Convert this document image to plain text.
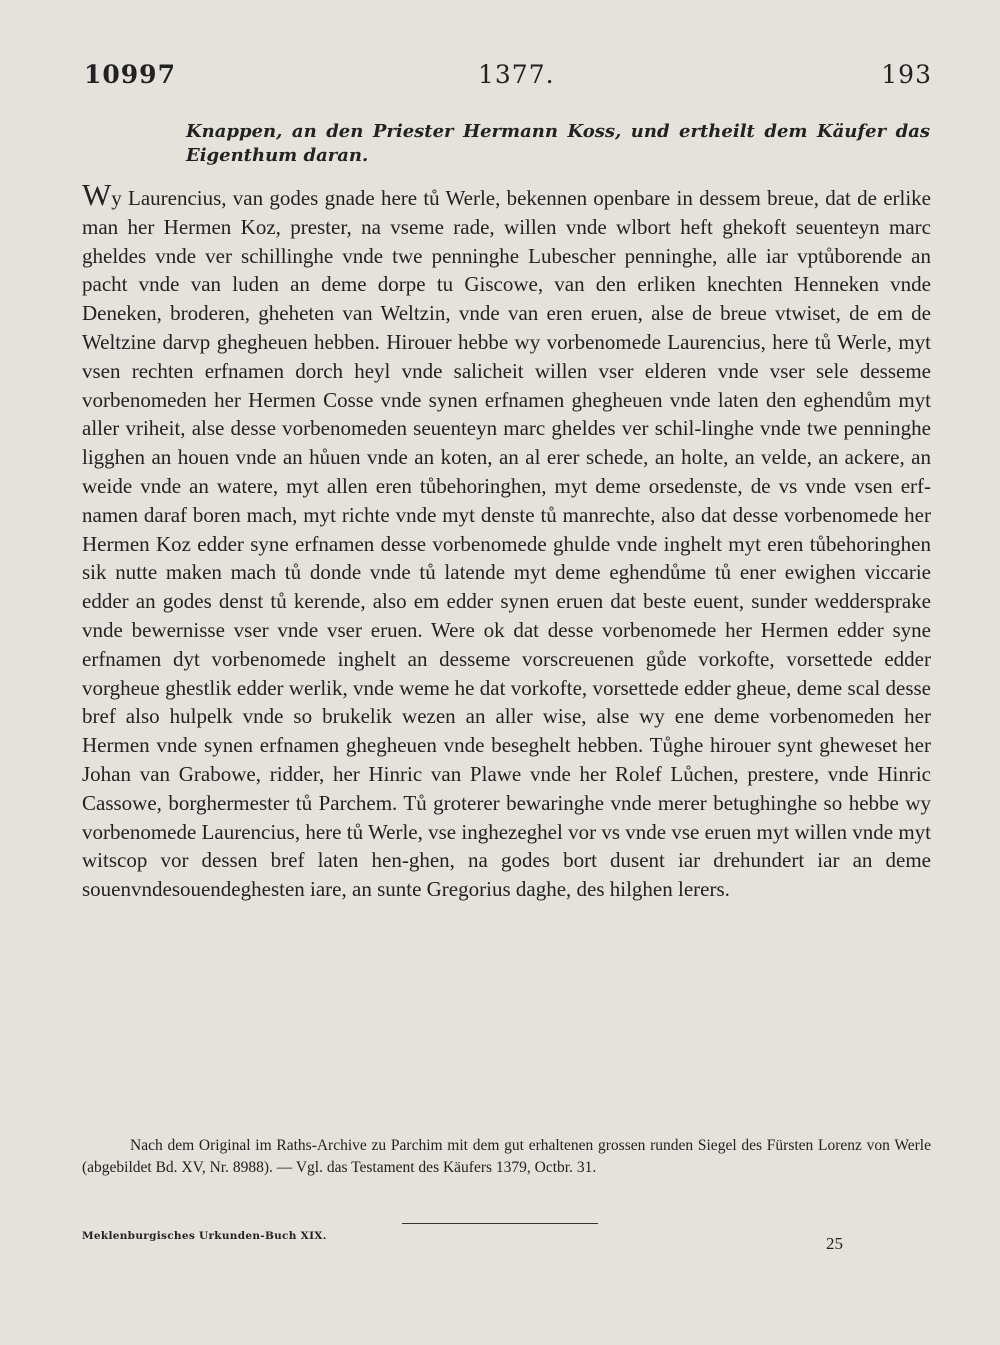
10997	1377.	193

Knappen, an den Priester Hermann Koss, und ertheilt dem Käufer das Eigenthum daran.

Wy Laurencius, van godes gnade here tů Werle, bekennen openbare in dessem breue, dat de erlike man her Hermen Koz, prester, na vseme rade, willen vnde wlbort heft ghekoft seuenteyn marc gheldes vnde ver schillinghe vnde twe penninghe Lubescher penninghe, alle iar vptůborende an pacht vnde van luden an deme dorpe tu Giscowe, van den erliken knechten Henneken vnde Deneken, broderen, gheheten van Weltzin, vnde van eren eruen, alse de breue vtwiset, de em de Weltzine darvp ghegheuen hebben. Hirouer hebbe wy vorbenomede Laurencius, here tů Werle, myt vsen rechten erfnamen dorch heyl vnde salicheit willen vser elderen vnde vser sele desseme vorbenomeden her Hermen Cosse vnde synen erfnamen ghegheuen vnde laten den eghendům myt aller vriheit, alse desse vorbenomeden seuenteyn marc gheldes ver schil-linghe vnde twe penninghe ligghen an houen vnde an hůuen vnde an koten, an al erer schede, an holte, an velde, an ackere, an weide vnde an watere, myt allen eren tůbehoringhen, myt deme orsedenste, de vs vnde vsen erf-namen daraf boren mach, myt richte vnde myt denste tů manrechte, also dat desse vorbenomede her Hermen Koz edder syne erfnamen desse vorbenomede ghulde vnde inghelt myt eren tůbehoringhen sik nutte maken mach tů donde vnde tů latende myt deme eghendůme tů ener ewighen viccarie edder an godes denst tů kerende, also em edder synen eruen dat beste euent, sunder weddersprake vnde bewernisse vser vnde vser eruen. Were ok dat desse vorbenomede her Hermen edder syne erfnamen dyt vorbenomede inghelt an desseme vorscreuenen gůde vorkofte, vorsettede edder vorgheue ghestlik edder werlik, vnde weme he dat vorkofte, vorsettede edder gheue, deme scal desse bref also hulpelk vnde so brukelik wezen an aller wise, alse wy ene deme vorbenomeden her Hermen vnde synen erfnamen ghegheuen vnde beseghelt hebben. Tůghe hirouer synt gheweset her Johan van Grabowe, ridder, her Hinric van Plawe vnde her Rolef Lůchen, prestere, vnde Hinric Cassowe, borghermester tů Parchem. Tů groterer bewaringhe vnde merer betughinghe so hebbe wy vorbenomede Laurencius, here tů Werle, vse inghezeghel vor vs vnde vse eruen myt willen vnde myt witscop vor dessen bref laten hen-ghen, na godes bort dusent iar drehundert iar an deme souenvndesouendeghesten iare, an sunte Gregorius daghe, des hilghen lerers.

Nach dem Original im Raths-Archive zu Parchim mit dem gut erhaltenen grossen runden Siegel des Fürsten Lorenz von Werle (abgebildet Bd. XV, Nr. 8988). — Vgl. das Testament des Käufers 1379, Octbr. 31.

Meklenburgisches Urkunden-Buch XIX.	25
